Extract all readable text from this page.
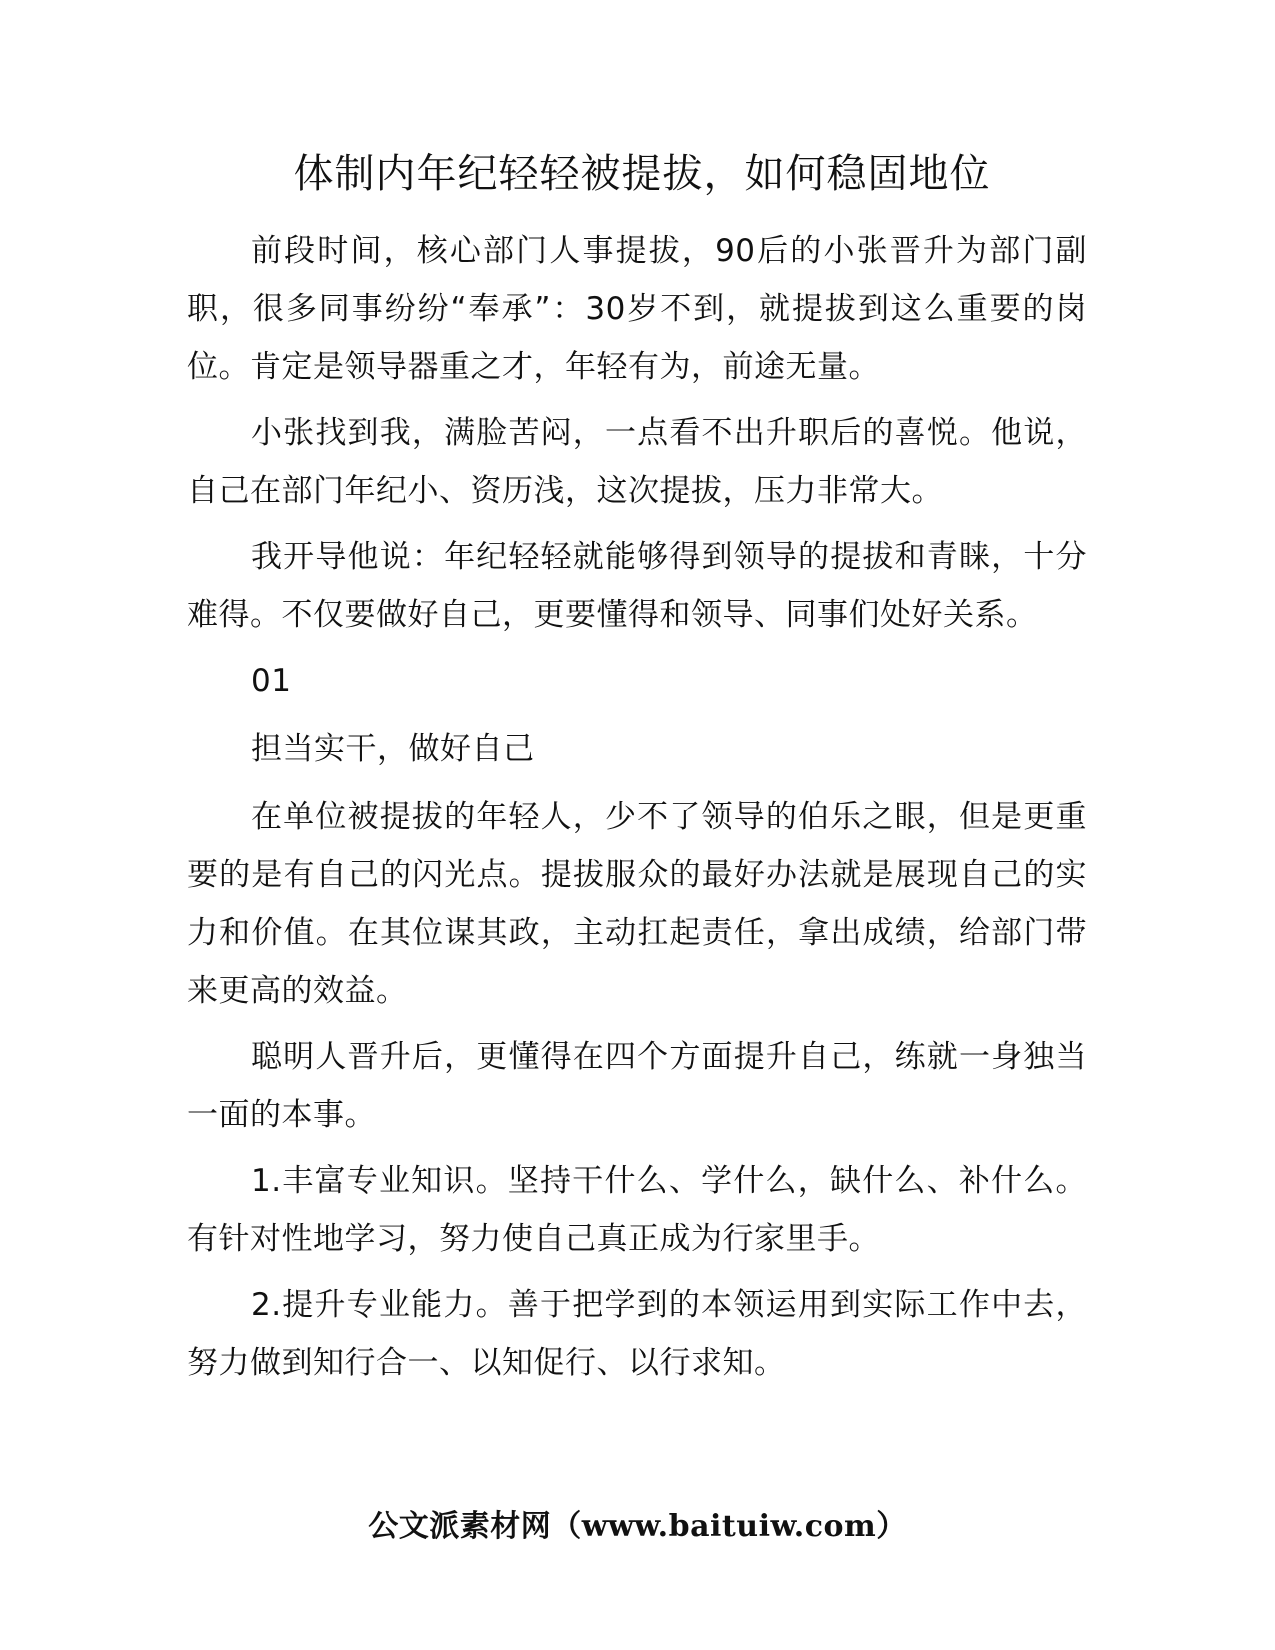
体制内年纪轻轻被提拔，如何稳固地位

前段时间，核心部门人事提拔，90后的小张晋升为部门副职，很多同事纷纷“奉承”：30岁不到，就提拔到这么重要的岗位。肯定是领导器重之才，年轻有为，前途无量。

小张找到我，满脸苦闷，一点看不出升职后的喜悦。他说，自己在部门年纪小、资历浅，这次提拔，压力非常大。

我开导他说：年纪轻轻就能够得到领导的提拔和青睐，十分难得。不仅要做好自己，更要懂得和领导、同事们处好关系。

01

担当实干，做好自己

在单位被提拔的年轻人，少不了领导的伯乐之眼，但是更重要的是有自己的闪光点。提拔服众的最好办法就是展现自己的实力和价值。在其位谋其政，主动扛起责任，拿出成绩，给部门带来更高的效益。

聪明人晋升后，更懂得在四个方面提升自己，练就一身独当一面的本事。

1.丰富专业知识。坚持干什么、学什么，缺什么、补什么。有针对性地学习，努力使自己真正成为行家里手。

2.提升专业能力。善于把学到的本领运用到实际工作中去，努力做到知行合一、以知促行、以行求知。

公文派素材网（www.baituiw.com）
